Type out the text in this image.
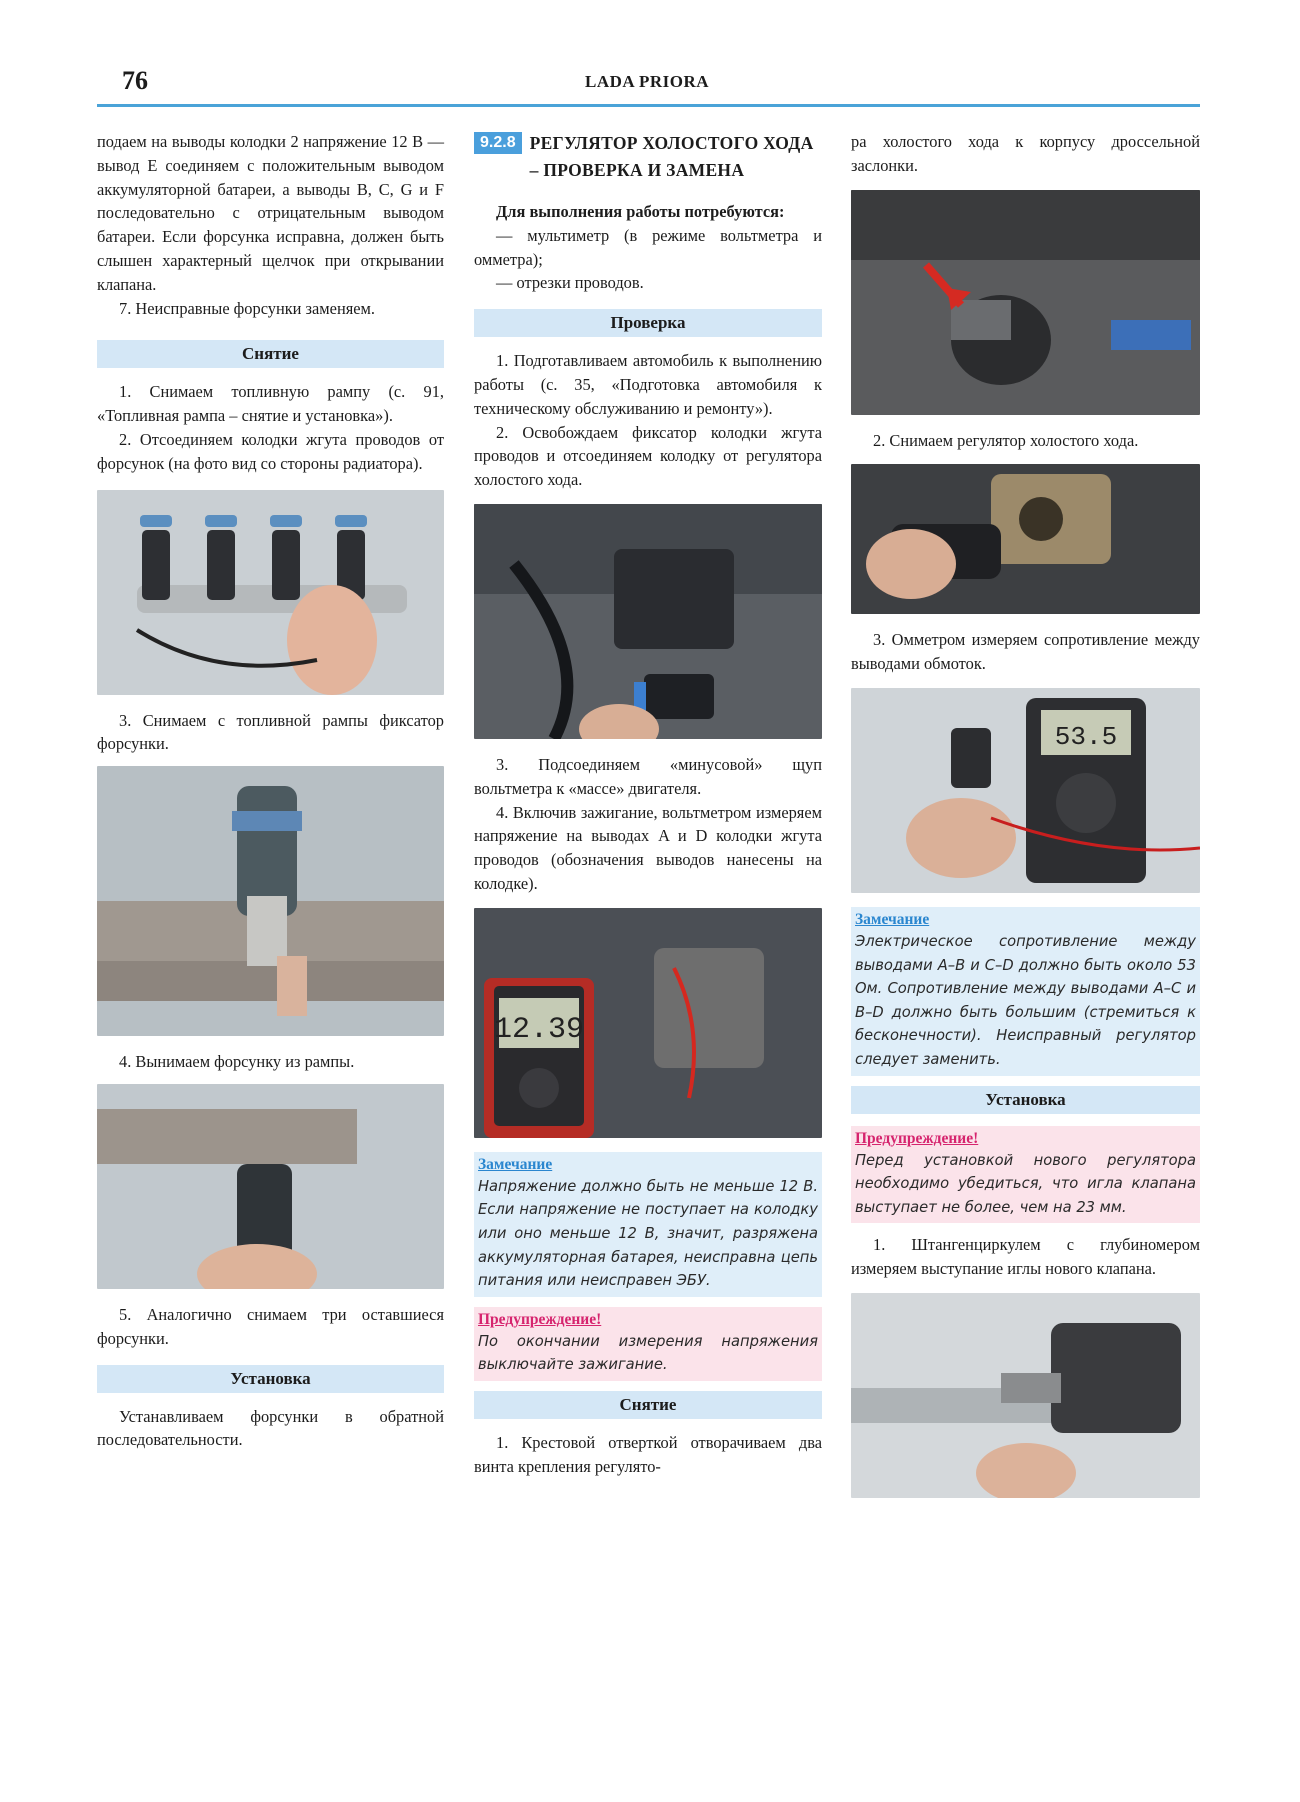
76	LADA PRIORA

подаем на выводы колодки 2 напряжение 12 В — вывод Е соединяем с положительным выводом аккумуляторной батареи, а выводы B, C, G и F последовательно с отрицательным выводом батареи. Если форсунка исправна, должен быть слышен характерный щелчок при открывании клапана.

7. Неисправные форсунки заменяем.

Снятие

1. Снимаем топливную рампу (с. 91, «Топливная рампа – снятие и установка»).

2. Отсоединяем колодки жгута проводов от форсунок (на фото вид со стороны радиатора).

3. Снимаем с топливной рампы фиксатор форсунки.

4. Вынимаем форсунку из рампы.

5. Аналогично снимаем три оставшиеся форсунки.

Установка

Устанавливаем форсунки в обратной последовательности.

9.2.8 РЕГУЛЯТОР ХОЛОСТОГО ХОДА – ПРОВЕРКА И ЗАМЕНА

Для выполнения работы потребуются:

— мультиметр (в режиме вольтметра и омметра);

— отрезки проводов.

Проверка

1. Подготавливаем автомобиль к выполнению работы (с. 35, «Подготовка автомобиля к техническому обслуживанию и ремонту»).

2. Освобождаем фиксатор колодки жгута проводов и отсоединяем колодку от регулятора холостого хода.

3. Подсоединяем «минусовой» щуп вольтметра к «массе» двигателя.

4. Включив зажигание, вольтметром измеряем напряжение на выводах A и D колодки жгута проводов (обозначения выводов нанесены на колодке).

12.39
Замечание
Напряжение должно быть не меньше 12 В. Если напряжение не поступает на колодку или оно меньше 12 В, значит, разряжена аккумуляторная батарея, неисправна цепь питания или неисправен ЭБУ.
Предупреждение!
По окончании измерения напряжения выключайте зажигание.
Снятие

1. Крестовой отверткой отворачиваем два винта крепления регулято-

ра холостого хода к корпусу дроссельной заслонки.

2. Снимаем регулятор холостого хода.

3. Омметром измеряем сопротивление между выводами обмоток.

53.5
Замечание
Электрическое сопротивление между выводами A–B и C–D должно быть около 53 Ом. Сопротивление между выводами A–C и B–D должно быть большим (стремиться к бесконечности). Неисправный регулятор следует заменить.
Установка
Предупреждение!
Перед установкой нового регулятора необходимо убедиться, что игла клапана выступает не более, чем на 23 мм.

1. Штангенциркулем с глубиномером измеряем выступание иглы нового клапана.
